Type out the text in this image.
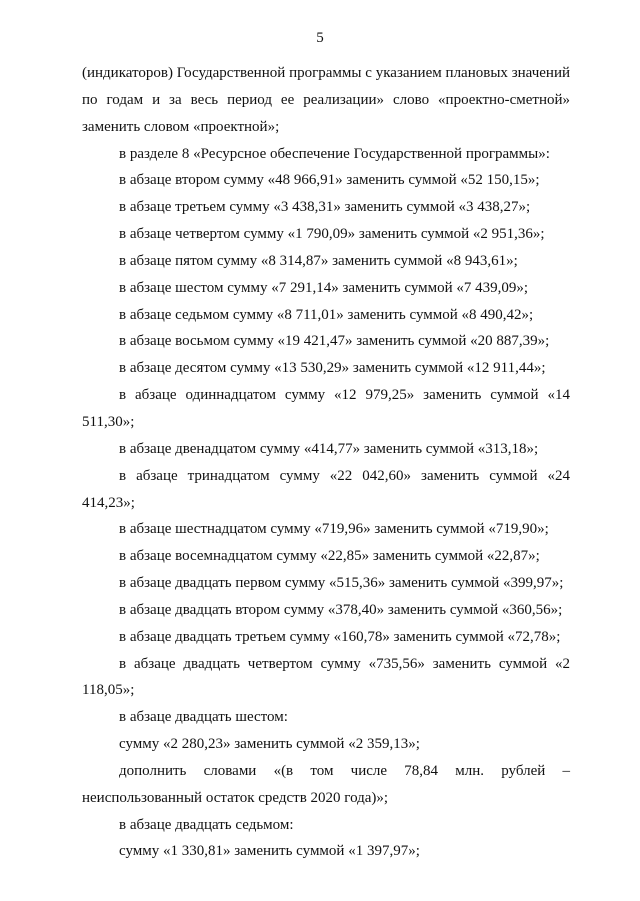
5

(индикаторов) Государственной программы с указанием плановых значений по годам и за весь период ее реализации» слово «проектно-сметной» заменить словом «проектной»;

в разделе 8 «Ресурсное обеспечение Государственной программы»:

в абзаце втором сумму «48 966,91» заменить суммой «52 150,15»;

в абзаце третьем сумму «3 438,31» заменить суммой «3 438,27»;

в абзаце четвертом сумму «1 790,09» заменить суммой «2 951,36»;

в абзаце пятом сумму «8 314,87» заменить суммой «8 943,61»;

в абзаце шестом сумму «7 291,14» заменить суммой «7 439,09»;

в абзаце седьмом сумму «8 711,01» заменить суммой «8 490,42»;

в абзаце восьмом сумму «19 421,47» заменить суммой «20 887,39»;

в абзаце десятом сумму «13 530,29» заменить суммой «12 911,44»;

в абзаце одиннадцатом сумму «12 979,25» заменить суммой «14 511,30»;

в абзаце двенадцатом сумму «414,77» заменить суммой «313,18»;

в абзаце тринадцатом сумму «22 042,60» заменить суммой «24 414,23»;

в абзаце шестнадцатом сумму «719,96» заменить суммой «719,90»;

в абзаце восемнадцатом сумму «22,85» заменить суммой «22,87»;

в абзаце двадцать первом сумму «515,36» заменить суммой «399,97»;

в абзаце двадцать втором сумму «378,40» заменить суммой «360,56»;

в абзаце двадцать третьем сумму «160,78» заменить суммой «72,78»;

в абзаце двадцать четвертом сумму «735,56» заменить суммой «2 118,05»;

в абзаце двадцать шестом:

сумму «2 280,23» заменить суммой «2 359,13»;

дополнить словами «(в том числе 78,84 млн. рублей – неиспользованный остаток средств 2020 года)»;

в абзаце двадцать седьмом:

сумму «1 330,81» заменить суммой «1 397,97»;
